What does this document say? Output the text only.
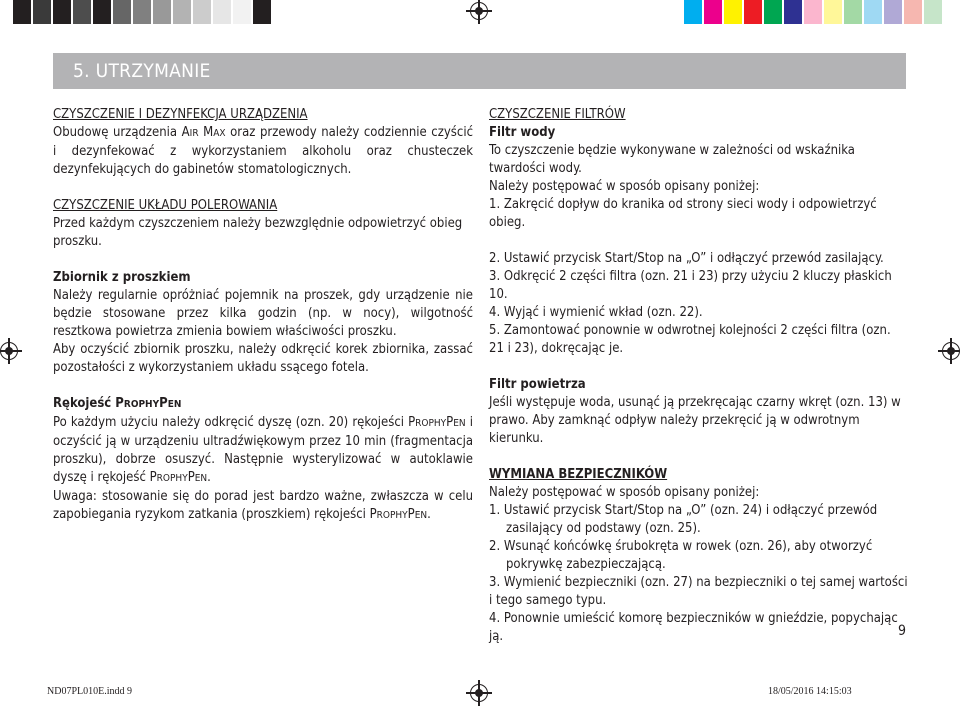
5. UTRZYMANIE

CZYSZCZENIE I DEZYNFEKCJA URZĄDZENIA

Obudowę urządzenia AIR MAX oraz przewody należy codziennie czyścić i dezynfekować z wykorzystaniem alkoholu oraz chusteczek dezynfekujących do gabinetów stomatologicznych.

CZYSZCZENIE UKŁADU POLEROWANIA

Przed każdym czyszczeniem należy bezwzględnie odpowietrzyć obieg proszku.

Zbiornik z proszkiem

Należy regularnie opróżniać pojemnik na proszek, gdy urządzenie nie będzie stosowane przez kilka godzin (np. w nocy), wilgotność resztkowa powietrza zmienia bowiem właściwości proszku.

Aby oczyścić zbiornik proszku, należy odkręcić korek zbiornika, zassać pozostałości z wykorzystaniem układu ssącego fotela.

Rękojeść PROPHYPEN

Po każdym użyciu należy odkręcić dyszę (ozn. 20) rękojeści PROPHYPEN i oczyścić ją w urządzeniu ultradźwiękowym przez 10 min (fragmentacja proszku), dobrze osuszyć. Następnie wysterylizować w autoklawie dyszę i rękojeść PROPHYPEN.

Uwaga: stosowanie się do porad jest bardzo ważne, zwłaszcza w celu zapobiegania ryzykom zatkania (proszkiem) rękojeści PROPHYPEN.

CZYSZCZENIE FILTRÓW

Filtr wody

To czyszczenie będzie wykonywane w zależności od wskaźnika twardości wody.

Należy postępować w sposób opisany poniżej:

1. Zakręcić dopływ do kranika od strony sieci wody i odpowietrzyć obieg.

2. Ustawić przycisk Start/Stop na „O” i odłączyć przewód zasilający.

3. Odkręcić 2 części filtra (ozn. 21 i 23) przy użyciu 2 kluczy płaskich 10.

4. Wyjąć i wymienić wkład (ozn. 22).

5. Zamontować ponownie w odwrotnej kolejności 2 części filtra (ozn. 21 i 23), dokręcając je.

Filtr powietrza

Jeśli występuje woda, usunąć ją przekręcając czarny wkręt (ozn. 13) w prawo. Aby zamknąć odpływ należy przekręcić ją w odwrotnym kierunku.

WYMIANA BEZPIECZNIKÓW

Należy postępować w sposób opisany poniżej:

1. Ustawić przycisk Start/Stop na „O” (ozn. 24) i odłączyć przewód zasilający od podstawy (ozn. 25).

2. Wsunąć końcówkę śrubokręta w rowek (ozn. 26), aby otworzyć pokrywkę zabezpieczającą.

3. Wymienić bezpieczniki (ozn. 27) na bezpieczniki o tej samej wartości i tego samego typu.

4. Ponownie umieścić komorę bezpieczników w gnieździe, popychając ją.	9
ND07PL010E.indd 9	18/05/2016 14:15:03
